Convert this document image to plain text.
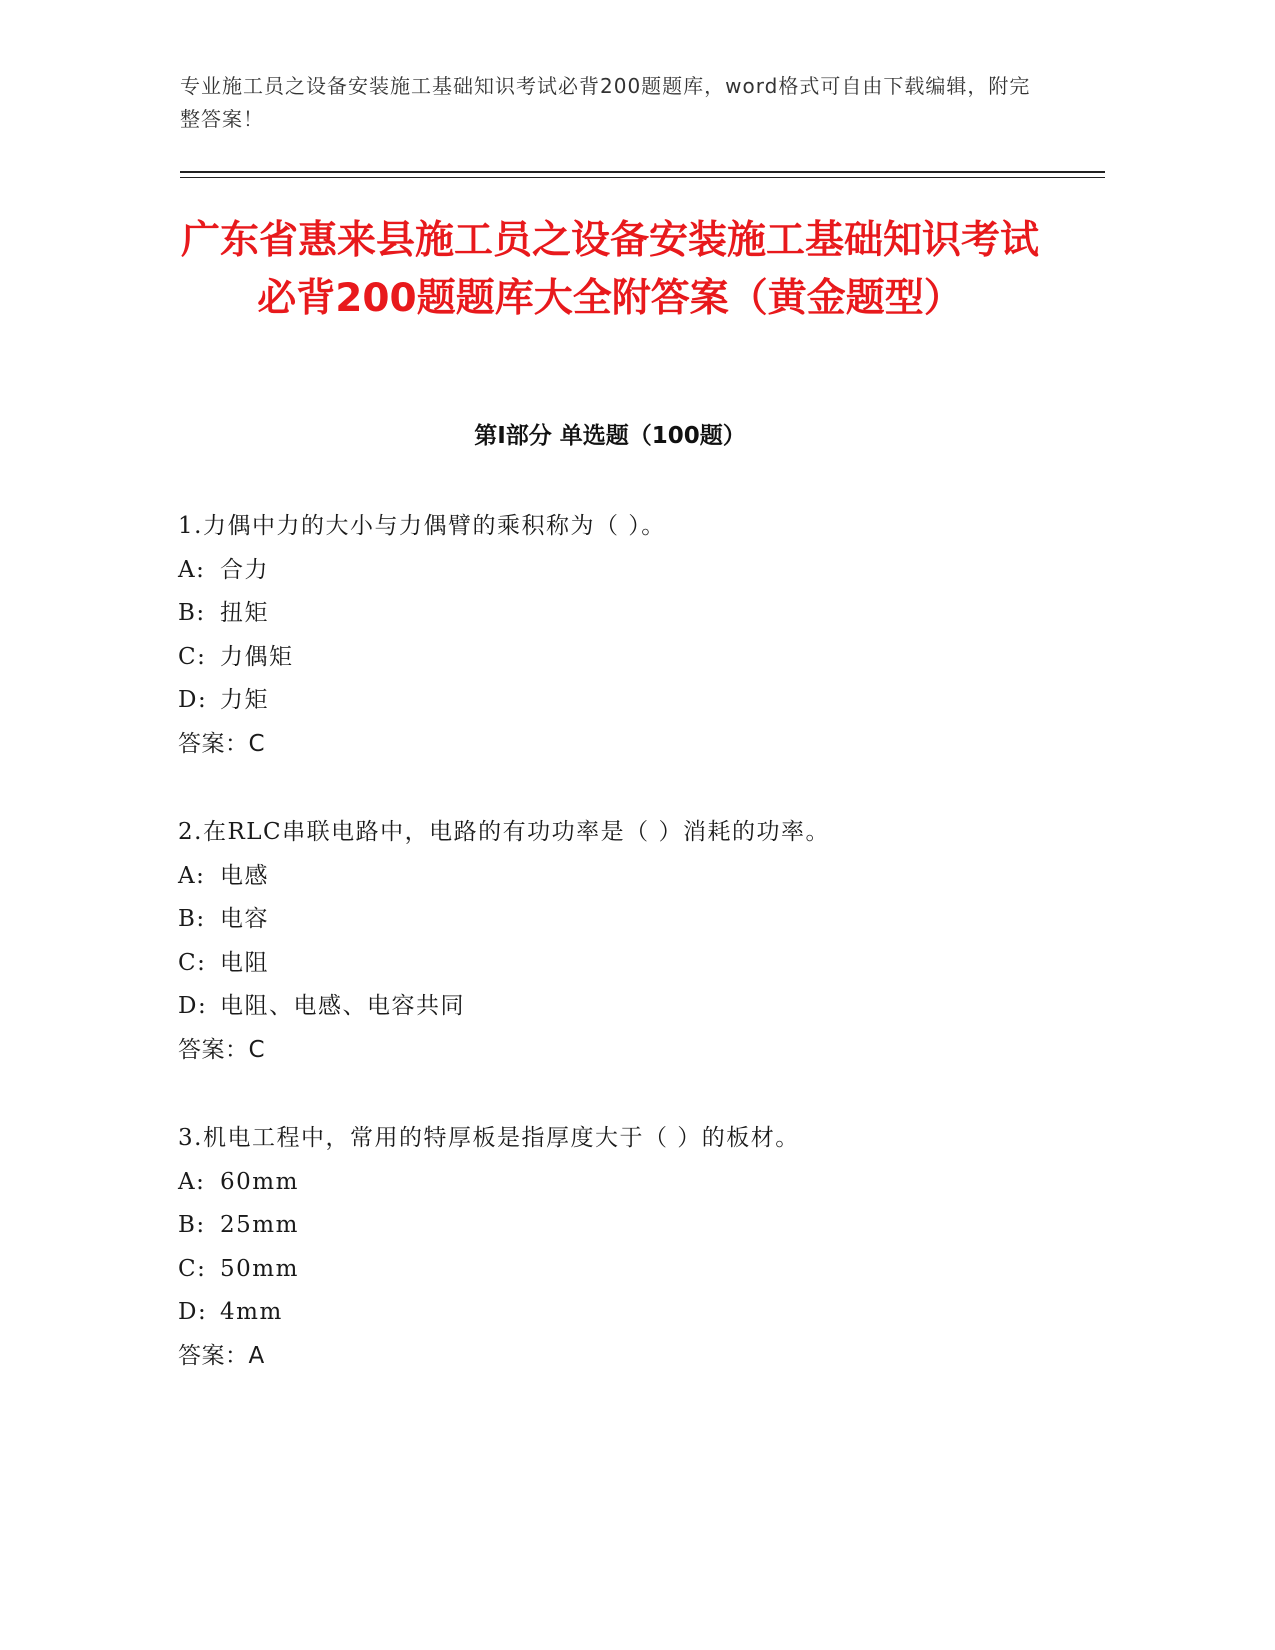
专业施工员之设备安装施工基础知识考试必背200题题库，word格式可自由下载编辑，附完整答案！
广东省惠来县施工员之设备安装施工基础知识考试必背200题题库大全附答案（黄金题型）
第Ⅰ部分 单选题（100题）
1.力偶中力的大小与力偶臂的乘积称为（ ）。
A: 合力
B: 扭矩
C: 力偶矩
D: 力矩
答案：C
2.在RLC串联电路中，电路的有功功率是（ ）消耗的功率。
A: 电感
B: 电容
C: 电阻
D: 电阻、电感、电容共同
答案：C
3.机电工程中，常用的特厚板是指厚度大于（ ）的板材。
A: 60mm
B: 25mm
C: 50mm
D: 4mm
答案：A
